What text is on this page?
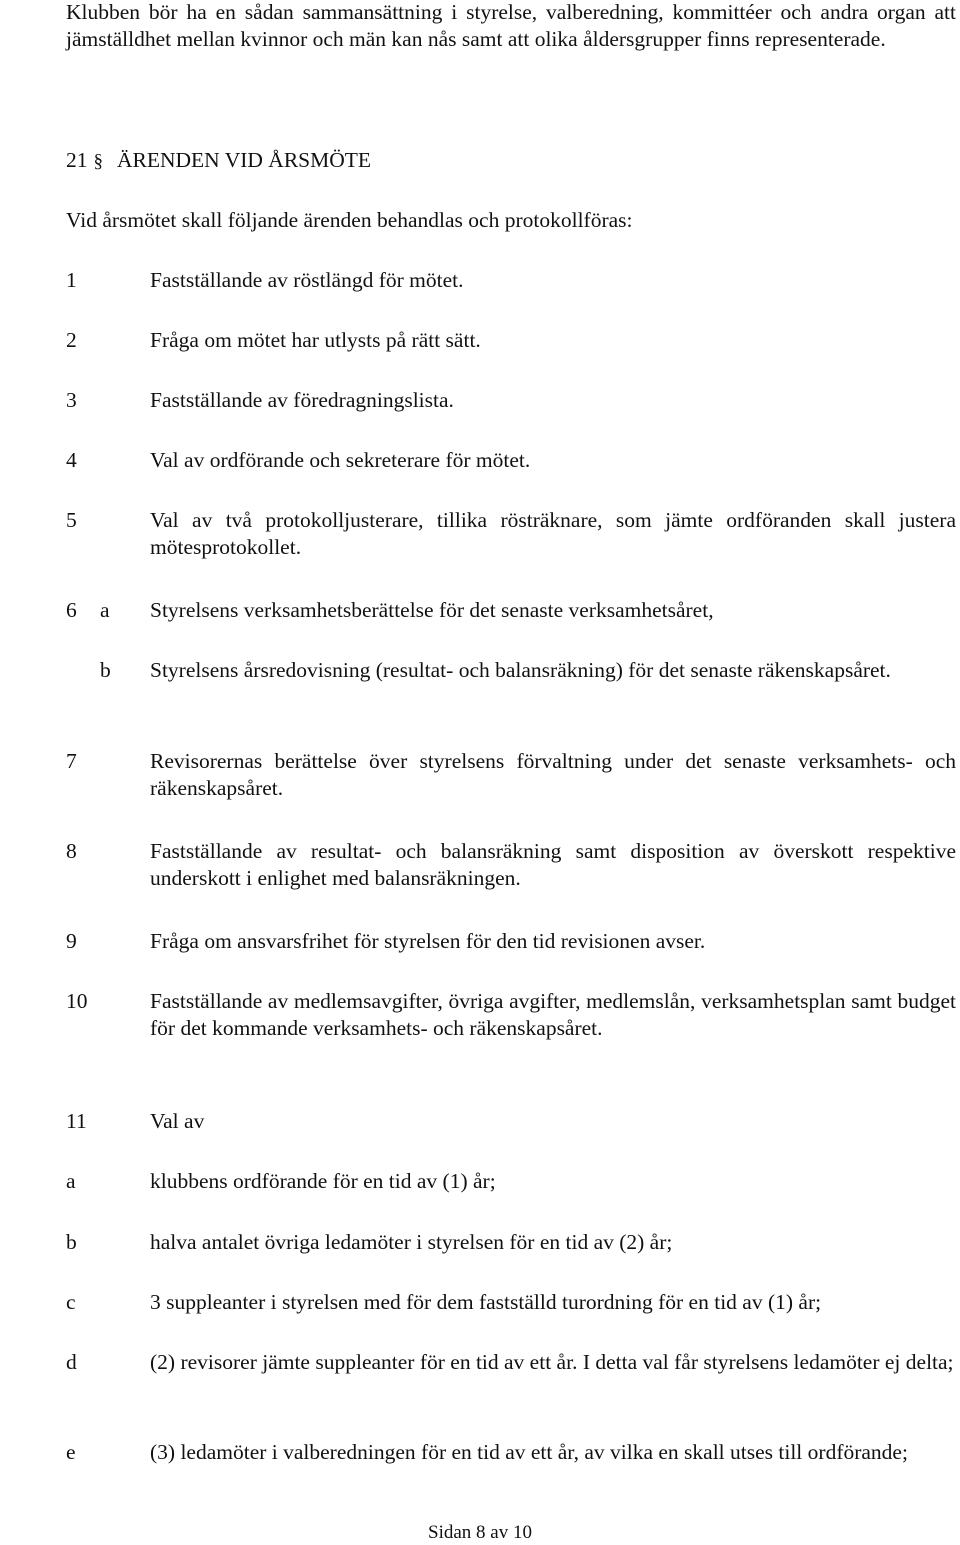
Klubben bör ha en sådan sammansättning i styrelse, valberedning, kommittéer och andra organ att jämställdhet mellan kvinnor och män kan nås samt att olika åldersgrupper finns representerade.
21 § ÄRENDEN VID ÅRSMÖTE
Vid årsmötet skall följande ärenden behandlas och protokollföras:
1	Fastställande av röstlängd för mötet.
2	Fråga om mötet har utlysts på rätt sätt.
3	Fastställande av föredragningslista.
4	Val av ordförande och sekreterare för mötet.
5	Val av två protokolljusterare, tillika rösträknare, som jämte ordföranden skall justera mötesprotokollet.
6	a	Styrelsens verksamhetsberättelse för det senaste verksamhetsåret,
b	Styrelsens årsredovisning (resultat- och balansräkning) för det senaste räkenskapsåret.
7	Revisorernas berättelse över styrelsens förvaltning under det senaste verksamhets- och räkenskapsåret.
8	Fastställande av resultat- och balansräkning samt disposition av överskott respektive underskott i enlighet med balansräkningen.
9	Fråga om ansvarsfrihet för styrelsen för den tid revisionen avser.
10	Fastställande av medlemsavgifter, övriga avgifter, medlemslån, verksamhetsplan samt budget för det kommande verksamhets- och räkenskapsåret.
11	Val av
a	klubbens ordförande för en tid av (1) år;
b	halva antalet övriga ledamöter i styrelsen för en tid av (2) år;
c	3 suppleanter i styrelsen med för dem fastställd turordning för en tid av (1) år;
d	(2) revisorer jämte suppleanter för en tid av ett år. I detta val får styrelsens ledamöter ej delta;
e	(3) ledamöter i valberedningen för en tid av ett år, av vilka en skall utses till ordförande;
Sidan 8 av 10
